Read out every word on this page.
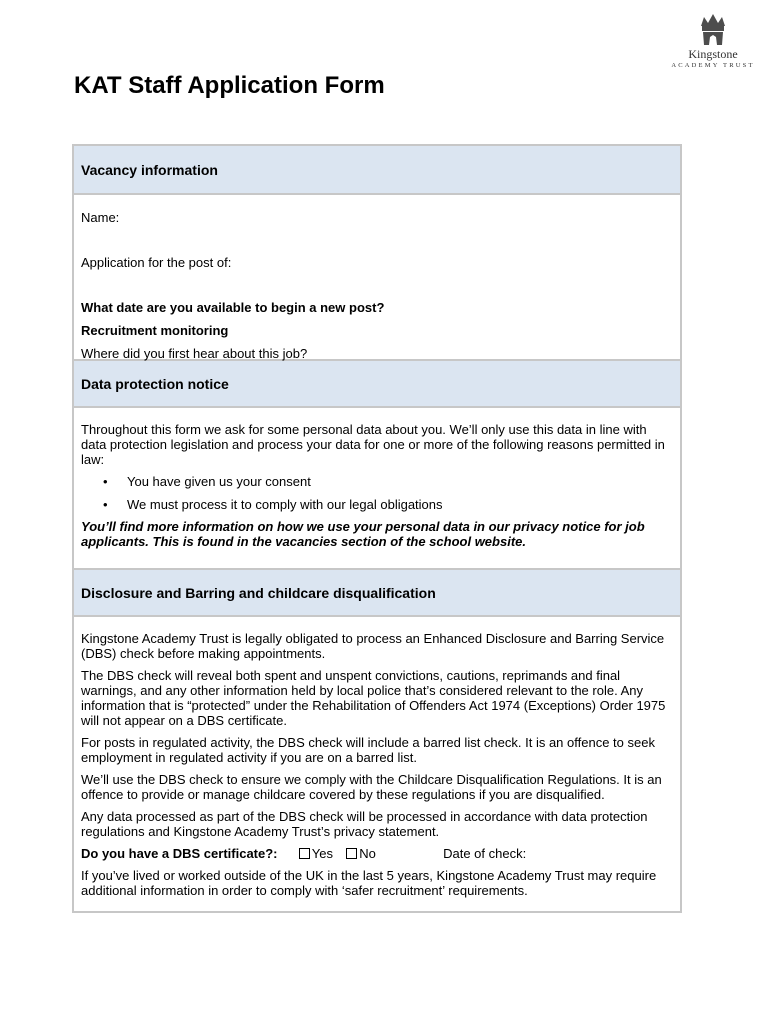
Kingstone
ACADEMY TRUST
KAT Staff Application Form
Vacancy information

Name:

Application for the post of:

What date are you available to begin a new post?

Recruitment monitoring

Where did you first hear about this job?

Data protection notice

Throughout this form we ask for some personal data about you. We’ll only use this data in line with data protection legislation and process your data for one or more of the following reasons permitted in law:

• You have given us your consent
• We must process it to comply with our legal obligations

You’ll find more information on how we use your personal data in our privacy notice for job applicants. This is found in the vacancies section of the school website.

Disclosure and Barring and childcare disqualification

Kingstone Academy Trust is legally obligated to process an Enhanced Disclosure and Barring Service (DBS) check before making appointments.

The DBS check will reveal both spent and unspent convictions, cautions, reprimands and final warnings, and any other information held by local police that’s considered relevant to the role. Any information that is “protected” under the Rehabilitation of Offenders Act 1974 (Exceptions) Order 1975 will not appear on a DBS certificate.

For posts in regulated activity, the DBS check will include a barred list check. It is an offence to seek employment in regulated activity if you are on a barred list.

We’ll use the DBS check to ensure we comply with the Childcare Disqualification Regulations. It is an offence to provide or manage childcare covered by these regulations if you are disqualified.

Any data processed as part of the DBS check will be processed in accordance with data protection regulations and Kingstone Academy Trust’s privacy statement.

Do you have a DBS certificate?:	Yes No	Date of check:

If you’ve lived or worked outside of the UK in the last 5 years, Kingstone Academy Trust may require additional information in order to comply with ‘safer recruitment’ requirements.
